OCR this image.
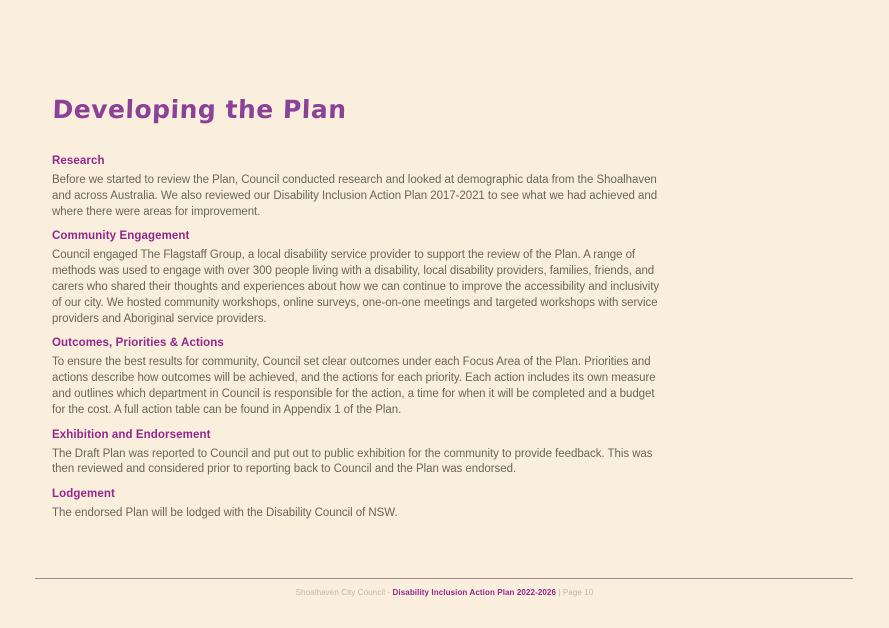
Developing the Plan
Research
Before we started to review the Plan, Council conducted research and looked at demographic data from the Shoalhaven and across Australia. We also reviewed our Disability Inclusion Action Plan 2017-2021 to see what we had achieved and where there were areas for improvement.
Community Engagement
Council engaged The Flagstaff Group, a local disability service provider to support the review of the Plan. A range of methods was used to engage with over 300 people living with a disability, local disability providers, families, friends, and carers who shared their thoughts and experiences about how we can continue to improve the accessibility and inclusivity of our city. We hosted community workshops, online surveys, one-on-one meetings and targeted workshops with service providers and Aboriginal service providers.
Outcomes, Priorities & Actions
To ensure the best results for community, Council set clear outcomes under each Focus Area of the Plan. Priorities and actions describe how outcomes will be achieved, and the actions for each priority. Each action includes its own measure and outlines which department in Council is responsible for the action, a time for when it will be completed and a budget for the cost. A full action table can be found in Appendix 1 of the Plan.
Exhibition and Endorsement
The Draft Plan was reported to Council and put out to public exhibition for the community to provide feedback. This was then reviewed and considered prior to reporting back to Council and the Plan was endorsed.
Lodgement
The endorsed Plan will be lodged with the Disability Council of NSW.
Shoalhaven City Council - Disability Inclusion Action Plan 2022-2026 | Page 10
